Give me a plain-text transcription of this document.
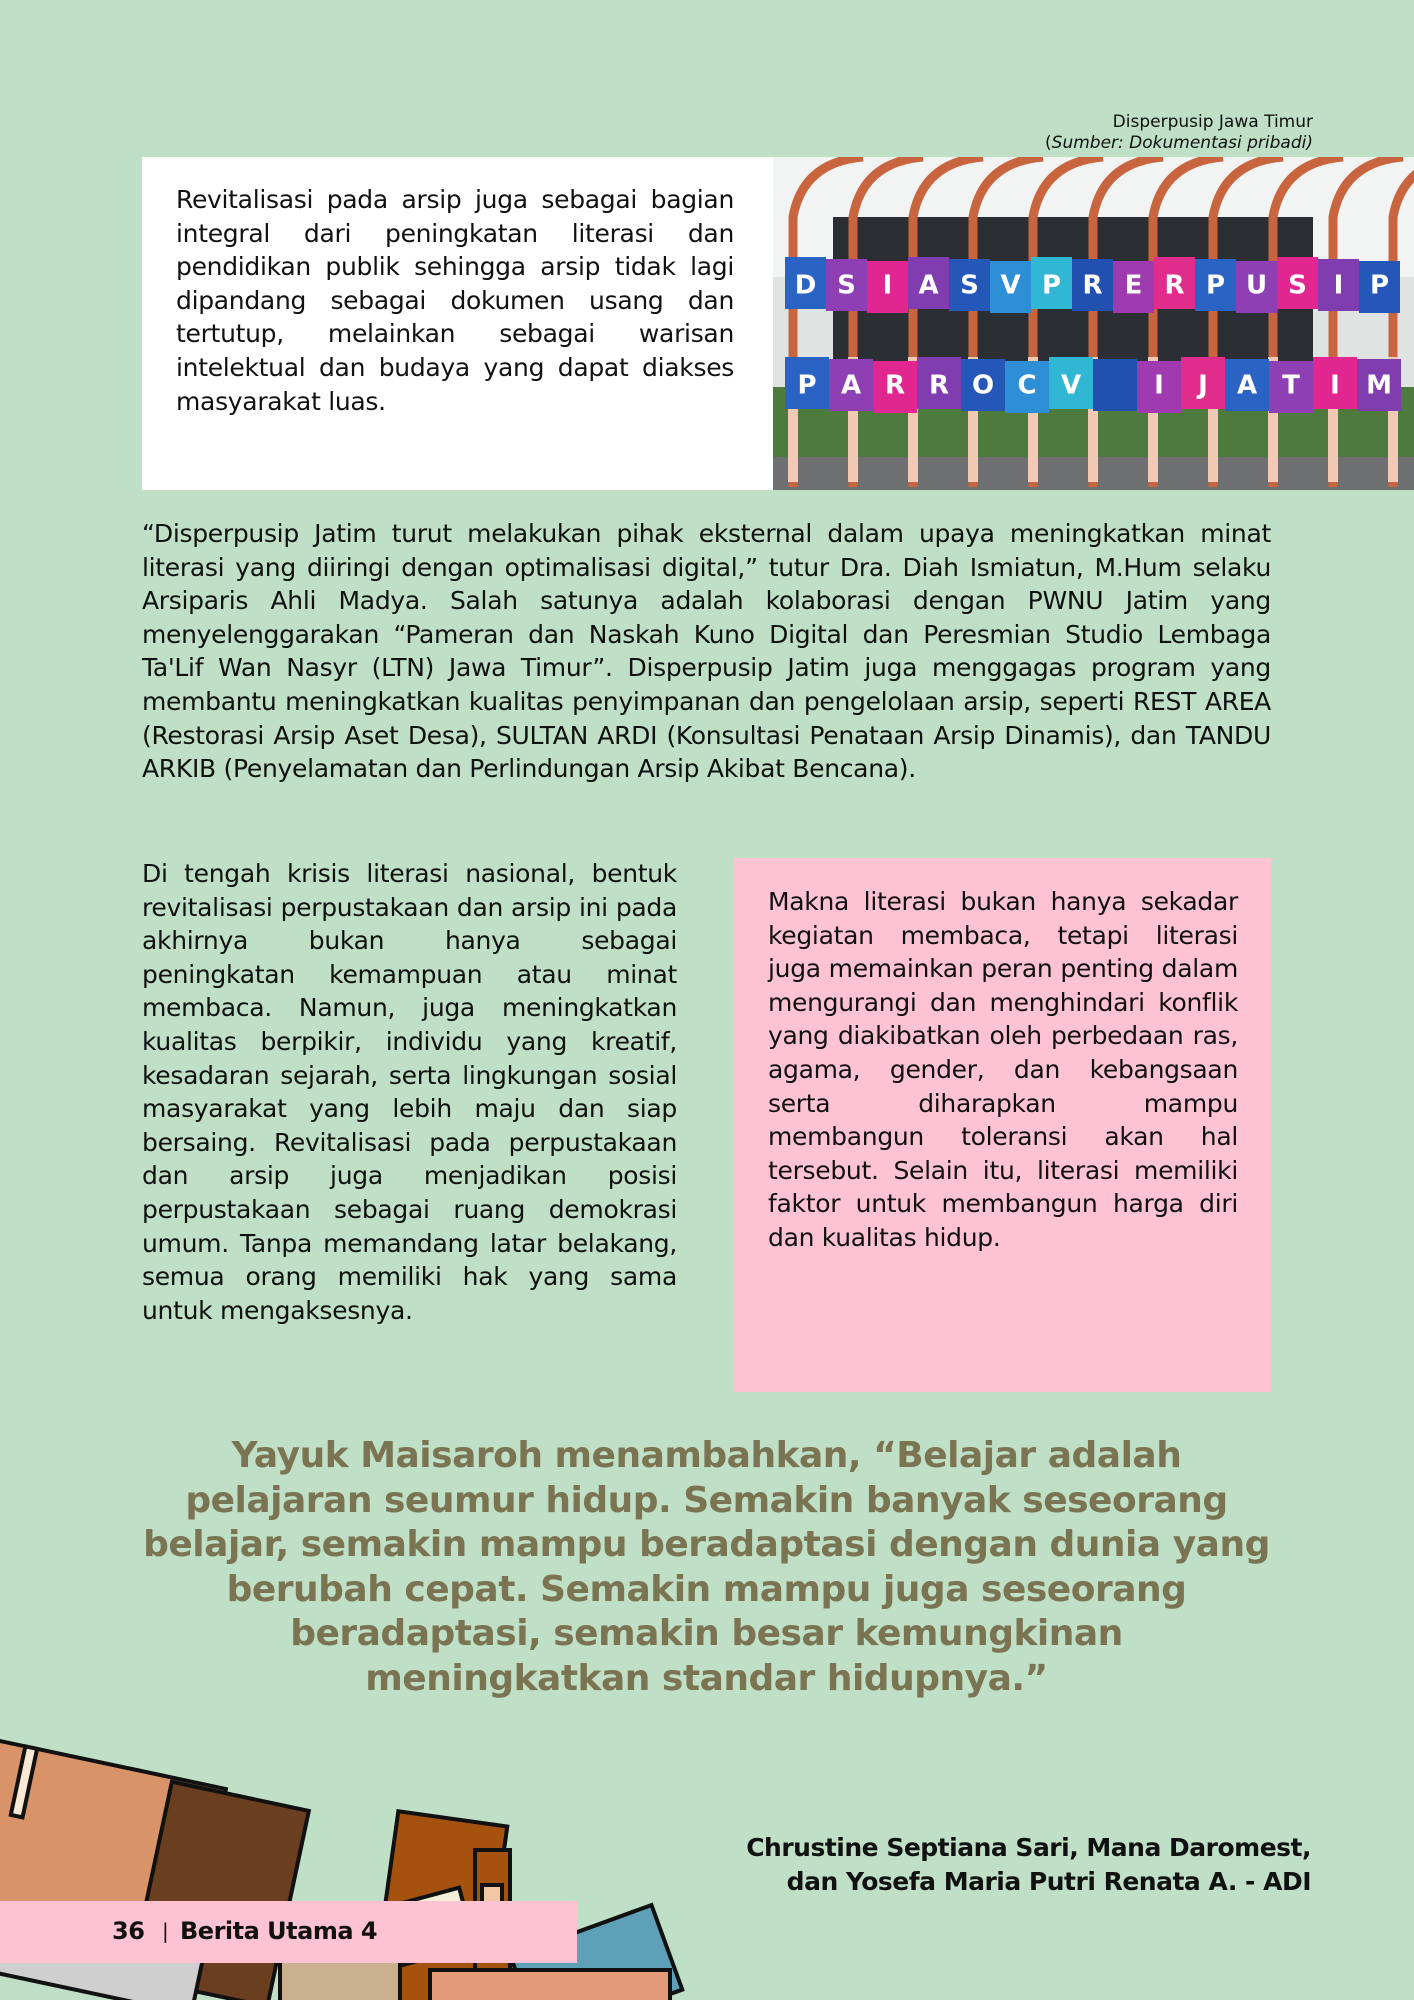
Disperpusip Jawa Timur
(Sumber: Dokumentasi pribadi)

Revitalisasi pada arsip juga sebagai bagian integral dari peningkatan literasi dan pendidikan publik sehingga arsip tidak lagi dipandang sebagai dokumen usang dan tertutup, melainkan sebagai warisan intelektual dan budaya yang dapat diakses masyarakat luas.

D S I A S V P R E R P U S I P
P A R R O C V	I J A T I M
“Disperpusip Jatim turut melakukan pihak eksternal dalam upaya meningkatkan minat literasi yang diiringi dengan optimalisasi digital,” tutur Dra. Diah Ismiatun, M.Hum selaku Arsiparis Ahli Madya. Salah satunya adalah kolaborasi dengan PWNU Jatim yang menyelenggarakan “Pameran dan Naskah Kuno Digital dan Peresmian Studio Lembaga Ta'Lif Wan Nasyr (LTN) Jawa Timur”. Disperpusip Jatim juga menggagas program yang membantu meningkatkan kualitas penyimpanan dan pengelolaan arsip, seperti REST AREA (Restorasi Arsip Aset Desa), SULTAN ARDI (Konsultasi Penataan Arsip Dinamis), dan TANDU ARKIB (Penyelamatan dan Perlindungan Arsip Akibat Bencana).
Di tengah krisis literasi nasional, bentuk revitalisasi perpustakaan dan arsip ini pada akhirnya bukan hanya sebagai peningkatan kemampuan atau minat membaca. Namun, juga meningkatkan kualitas berpikir, individu yang kreatif, kesadaran sejarah, serta lingkungan sosial masyarakat yang lebih maju dan siap bersaing. Revitalisasi pada perpustakaan dan arsip juga menjadikan posisi perpustakaan sebagai ruang demokrasi umum. Tanpa memandang latar belakang, semua orang memiliki hak yang sama untuk mengaksesnya.

Makna literasi bukan hanya sekadar kegiatan membaca, tetapi literasi juga memainkan peran penting dalam mengurangi dan menghindari konflik yang diakibatkan oleh perbedaan ras, agama, gender, dan kebangsaan serta diharapkan mampu membangun toleransi akan hal tersebut. Selain itu, literasi memiliki faktor untuk membangun harga diri dan kualitas hidup.

Yayuk Maisaroh menambahkan, “Belajar adalah pelajaran seumur hidup. Semakin banyak seseorang belajar, semakin mampu beradaptasi dengan dunia yang berubah cepat. Semakin mampu juga seseorang beradaptasi, semakin besar kemungkinan meningkatkan standar hidupnya.”
Chrustine Septiana Sari, Mana Daromest,
dan Yosefa Maria Putri Renata A. - ADI
36 | Berita Utama 4
